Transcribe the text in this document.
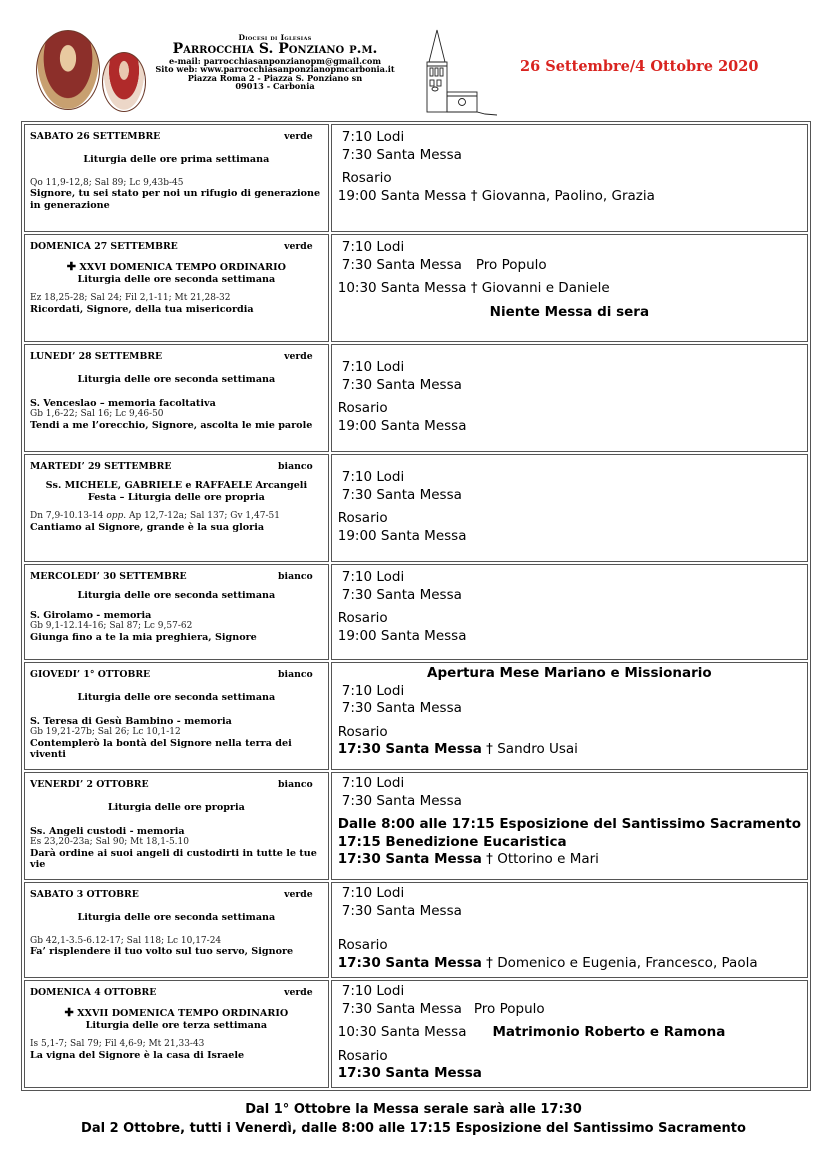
Diocesi di Iglesias
Parrocchia S. Ponziano p.m.
e-mail: parrocchiasanponzianopm@gmail.com
Sito web: www.parrocchiasanponzianopmcarbonia.it
Piazza Roma 2 - Piazza S. Ponziano sn
09013 - Carbonia
26 Settembre/4 Ottobre 2020
SABATO 26 SETTEMBRE	verde
Liturgia delle ore prima settimana
Qo 11,9-12,8; Sal 89; Lc 9,43b-45
Signore, tu sei stato per noi un rifugio di generazione in generazione

7:10 Lodi
7:30 Santa Messa
Rosario
19:00 Santa Messa † Giovanna, Paolino, Grazia

DOMENICA 27 SETTEMBRE	verde
✚ XXVI DOMENICA TEMPO ORDINARIO
Liturgia delle ore seconda settimana
Ez 18,25-28; Sal 24; Fil 2,1-11; Mt 21,28-32
Ricordati, Signore, della tua misericordia

7:10 Lodi
7:30 Santa Messa Pro Populo
10:30 Santa Messa † Giovanni e Daniele
Niente Messa di sera

LUNEDI’ 28 SETTEMBRE	verde
Liturgia delle ore seconda settimana
S. Venceslao – memoria facoltativa
Gb 1,6-22; Sal 16; Lc 9,46-50
Tendi a me l’orecchio, Signore, ascolta le mie parole

7:10 Lodi
7:30 Santa Messa
Rosario
19:00 Santa Messa

MARTEDI’ 29 SETTEMBRE	bianco
Ss. MICHELE, GABRIELE e RAFFAELE Arcangeli
Festa – Liturgia delle ore propria
Dn 7,9-10.13-14 opp. Ap 12,7-12a; Sal 137; Gv 1,47-51
Cantiamo al Signore, grande è la sua gloria

7:10 Lodi
7:30 Santa Messa
Rosario
19:00 Santa Messa

MERCOLEDI’ 30 SETTEMBRE	bianco
Liturgia delle ore seconda settimana
S. Girolamo - memoria
Gb 9,1-12.14-16; Sal 87; Lc 9,57-62
Giunga fino a te la mia preghiera, Signore

7:10 Lodi
7:30 Santa Messa
Rosario
19:00 Santa Messa

GIOVEDI’ 1° OTTOBRE	bianco
Liturgia delle ore seconda settimana
S. Teresa di Gesù Bambino - memoria
Gb 19,21-27b; Sal 26; Lc 10,1-12
Contemplerò la bontà del Signore nella terra dei viventi

Apertura Mese Mariano e Missionario
7:10 Lodi
7:30 Santa Messa
Rosario
17:30 Santa Messa † Sandro Usai

VENERDI’ 2 OTTOBRE	bianco
Liturgia delle ore propria
Ss. Angeli custodi - memoria
Es 23,20-23a; Sal 90; Mt 18,1-5.10
Darà ordine ai suoi angeli di custodirti in tutte le tue vie

7:10 Lodi
7:30 Santa Messa
Dalle 8:00 alle 17:15 Esposizione del Santissimo Sacramento
17:15 Benedizione Eucaristica
17:30 Santa Messa † Ottorino e Mari

SABATO 3 OTTOBRE	verde
Liturgia delle ore seconda settimana
Gb 42,1-3.5-6.12-17; Sal 118; Lc 10,17-24
Fa’ risplendere il tuo volto sul tuo servo, Signore

7:10 Lodi
7:30 Santa Messa
Rosario
17:30 Santa Messa † Domenico e Eugenia, Francesco, Paola

DOMENICA 4 OTTOBRE	verde
✚ XXVII DOMENICA TEMPO ORDINARIO
Liturgia delle ore terza settimana
Is 5,1-7; Sal 79; Fil 4,6-9; Mt 21,33-43
La vigna del Signore è la casa di Israele

7:10 Lodi
7:30 Santa Messa Pro Populo
10:30 Santa Messa Matrimonio Roberto e Ramona
Rosario
17:30 Santa Messa
Dal 1° Ottobre la Messa serale sarà alle 17:30
Dal 2 Ottobre, tutti i Venerdì, dalle 8:00 alle 17:15 Esposizione del Santissimo Sacramento
